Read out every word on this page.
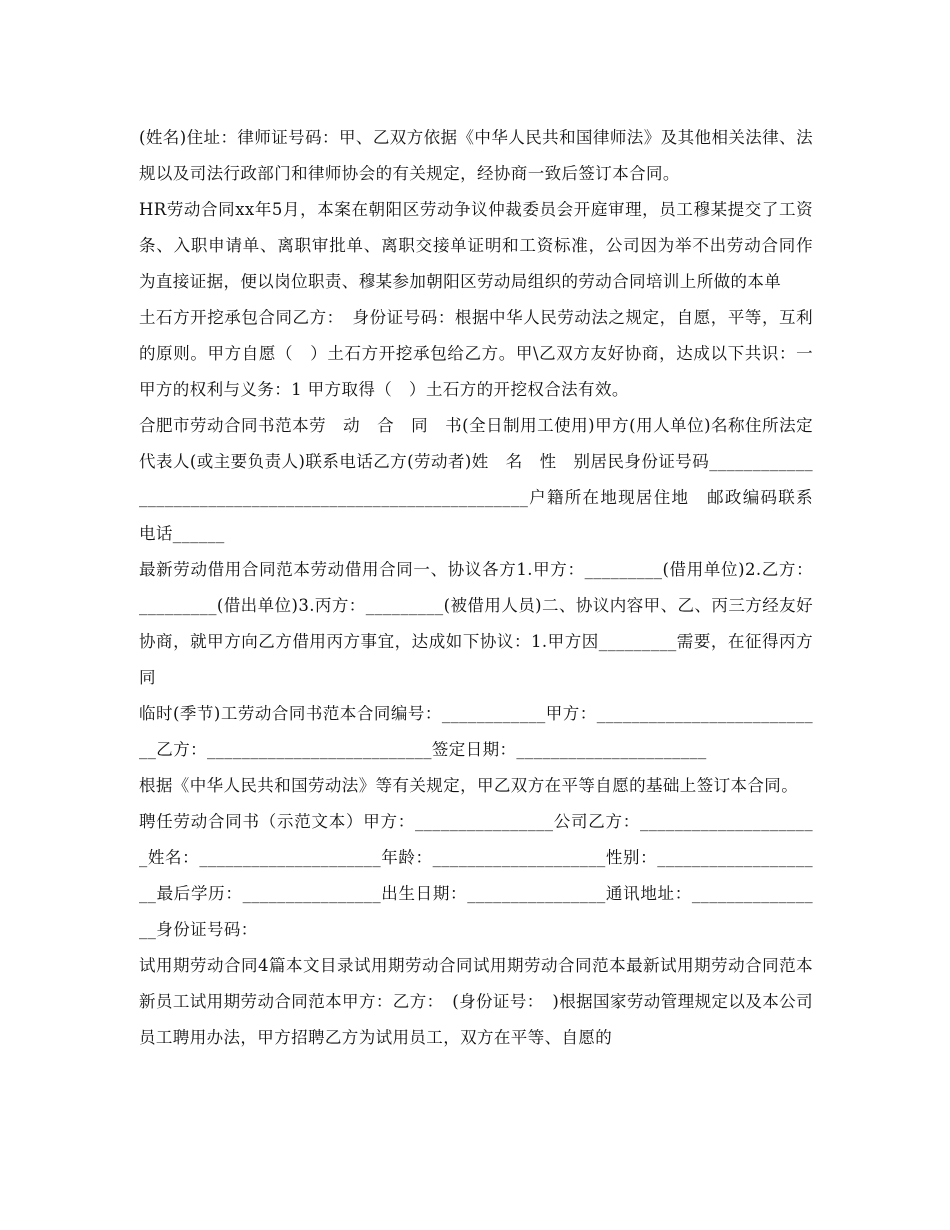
(姓名)住址：律师证号码：甲、乙双方依据《中华人民共和国律师法》及其他相关法律、法规以及司法行政部门和律师协会的有关规定，经协商一致后签订本合同。

HR劳动合同xx年5月，本案在朝阳区劳动争议仲裁委员会开庭审理，员工穆某提交了工资条、入职申请单、离职审批单、离职交接单证明和工资标准，公司因为举不出劳动合同作为直接证据，便以岗位职责、穆某参加朝阳区劳动局组织的劳动合同培训上所做的本单

土石方开挖承包合同乙方：　身份证号码：根据中华人民劳动法之规定，自愿，平等，互利的原则。甲方自愿（　）土石方开挖承包给乙方。甲\乙双方友好协商，达成以下共识：一甲方的权利与义务：1 甲方取得（　）土石方的开挖权合法有效。

合肥市劳动合同书范本劳　动　合　同　书(全日制用工使用)甲方(用人单位)名称住所法定代表人(或主要负责人)联系电话乙方(劳动者)姓　名　性　别居民身份证号码_________________________________________________________户籍所在地现居住地　邮政编码联系电话______

最新劳动借用合同范本劳动借用合同一、协议各方1.甲方：_________(借用单位)2.乙方：_________(借出单位)3.丙方：_________(被借用人员)二、协议内容甲、乙、丙三方经友好协商，就甲方向乙方借用丙方事宜，达成如下协议：1.甲方因_________需要，在征得丙方同

临时(季节)工劳动合同书范本合同编号：____________甲方：___________________________乙方：__________________________签定日期：______________________

根据《中华人民共和国劳动法》等有关规定，甲乙双方在平等自愿的基础上签订本合同。

聘任劳动合同书（示范文本）甲方：________________公司乙方：_____________________姓名：_____________________年龄：____________________性别：____________________最后学历：________________出生日期：________________通讯地址：________________身份证号码：

试用期劳动合同4篇本文目录试用期劳动合同试用期劳动合同范本最新试用期劳动合同范本新员工试用期劳动合同范本甲方：乙方：　(身份证号：　)根据国家劳动管理规定以及本公司员工聘用办法，甲方招聘乙方为试用员工，双方在平等、自愿的
